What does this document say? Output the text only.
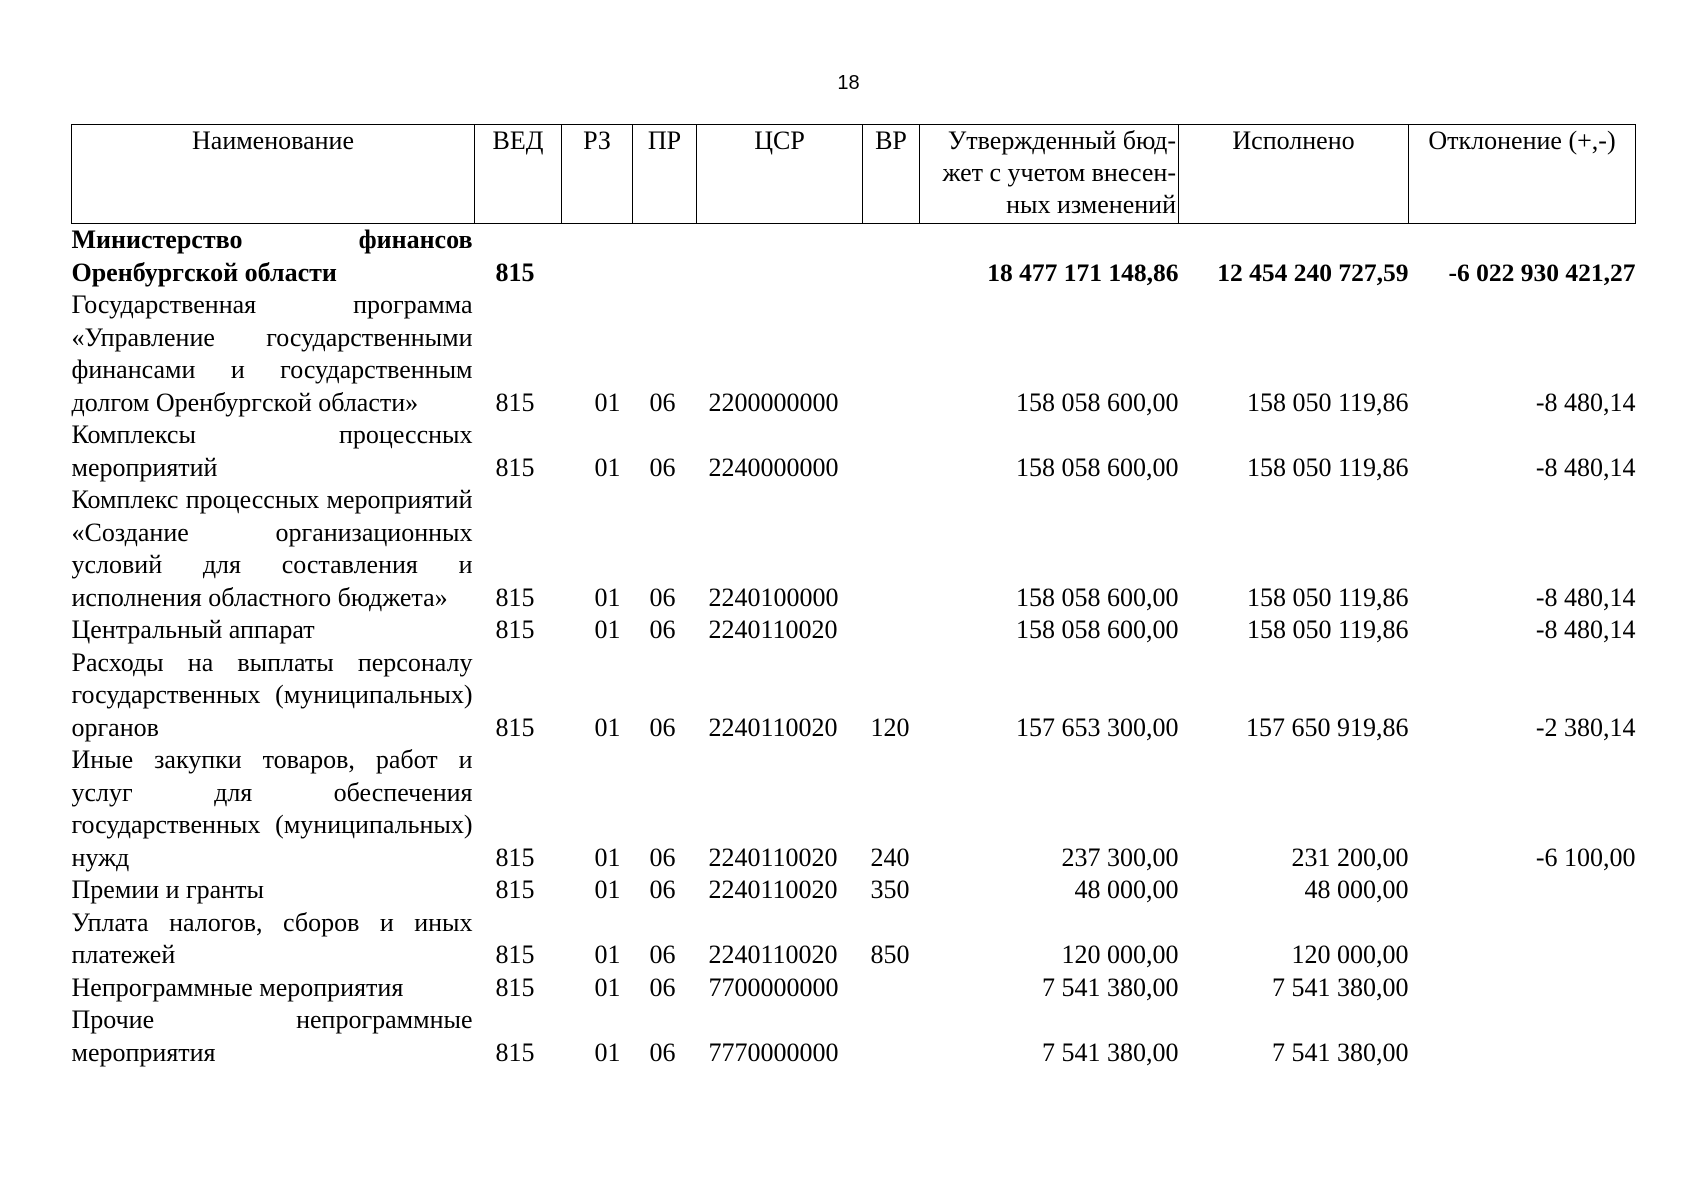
18
Наименование	ВЕД	РЗ	ПР	ЦСР	ВР	Утвержденный бюд-
жет с учетом внесен-
ных изменений	Исполнено	Отклонение (+,-)
Министерство финансов Оренбургской области	815					18 477 171 148,86	12 454 240 727,59	-6 022 930 421,27
Государственная программа «Управление государственными финансами и государственным долгом Оренбургской области»	815	01	06	2200000000		158 058 600,00	158 050 119,86	-8 480,14
Комплексы процессных мероприятий	815	01	06	2240000000		158 058 600,00	158 050 119,86	-8 480,14
Комплекс процессных мероприятий «Создание организационных условий для составления и исполнения областного бюджета»	815	01	06	2240100000		158 058 600,00	158 050 119,86	-8 480,14
Центральный аппарат	815	01	06	2240110020		158 058 600,00	158 050 119,86	-8 480,14
Расходы на выплаты персоналу государственных (муниципальных) органов	815	01	06	2240110020	120	157 653 300,00	157 650 919,86	-2 380,14
Иные закупки товаров, работ и услуг для обеспечения государственных (муниципальных) нужд	815	01	06	2240110020	240	237 300,00	231 200,00	-6 100,00
Премии и гранты	815	01	06	2240110020	350	48 000,00	48 000,00	
Уплата налогов, сборов и иных платежей	815	01	06	2240110020	850	120 000,00	120 000,00	
Непрограммные мероприятия	815	01	06	7700000000		7 541 380,00	7 541 380,00	
Прочие непрограммные мероприятия	815	01	06	7770000000		7 541 380,00	7 541 380,00	
